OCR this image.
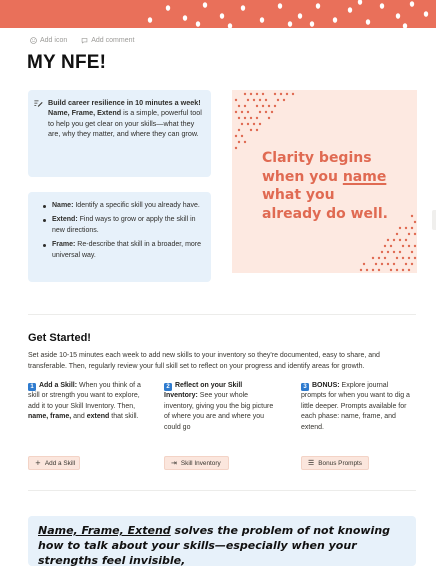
Add icon	Add comment
MY NFE!
Build career resilience in 10 minutes a week!
Name, Frame, Extend is a simple, powerful tool to help you get clear on your skills—what they are, why they matter, and where they can grow.
Name: Identify a specific skill you already have.
Extend: Find ways to grow or apply the skill in new directions.
Frame: Re-describe that skill in a broader, more universal way.
Clarity begins
when you name
what you
already do well.
Get Started!

Set aside 10-15 minutes each week to add new skills to your inventory so they're documented, easy to share, and transferable. Then, regularly review your full skill set to reflect on your progress and identify areas for growth.

1 Add a Skill: When you think of a skill or strength you want to explore, add it to your Skill Inventory. Then, name, frame, and extend that skill.
2 Reflect on your Skill Inventory: See your whole inventory, giving you the big picture of where you are and where you could go
3 BONUS: Explore journal prompts for when you want to dig a little deeper. Prompts available for each phase: name, frame, and extend.
+ Add a Skill	⇥ Skill Inventory	☰ Bonus Prompts
Name, Frame, Extend solves the problem of not knowing how to talk about your skills—especially when your strengths feel invisible,
